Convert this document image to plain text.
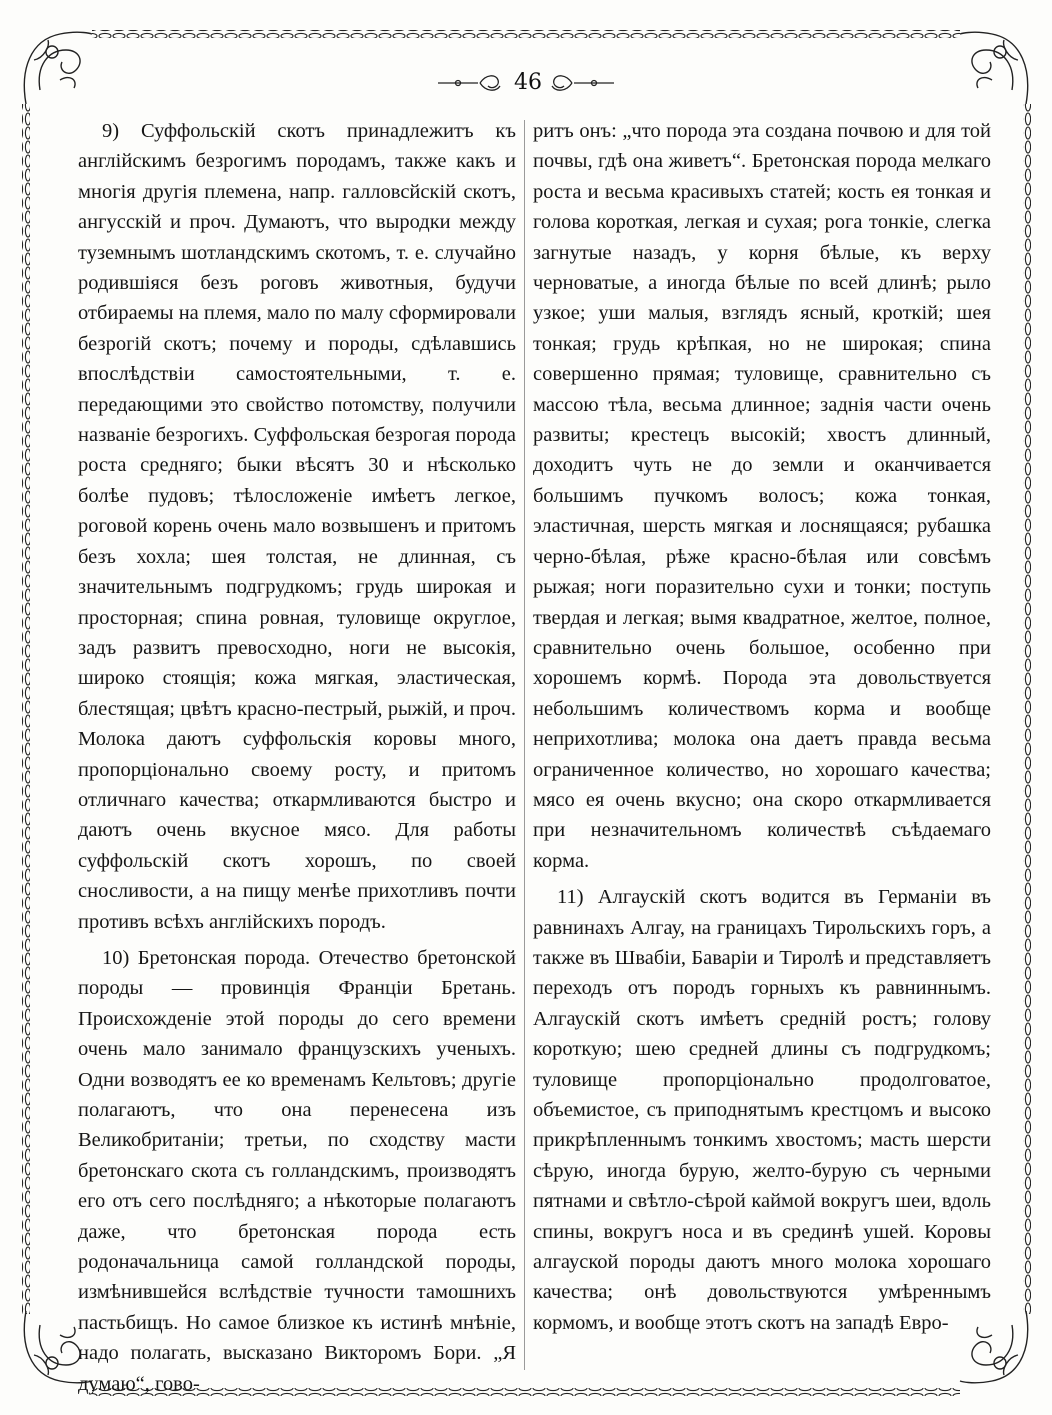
46

9) Суффольскій скотъ принадлежитъ къ англійскимъ безрогимъ породамъ, также какъ и многія другія племена, напр. галловсйскій скотъ, ангусскій и проч. Думаютъ, что выродки между туземнымъ шотландскимъ скотомъ, т. е. случайно родившіяся безъ роговъ животныя, будучи отбираемы на племя, мало по малу сформировали безрогій скотъ; почему и породы, сдѣлавшись впослѣдствіи самостоятельными, т. е. передающими это свойство потомству, получили названіе безрогихъ. Суффольская безрогая порода роста средняго; быки вѣсятъ 30 и нѣсколько болѣе пудовъ; тѣлосложеніе имѣетъ легкое, роговой корень очень мало возвышенъ и притомъ безъ хохла; шея толстая, не длинная, съ значительнымъ подгрудкомъ; грудь широкая и просторная; спина ровная, туловище округлое, задъ развитъ превосходно, ноги не высокія, широко стоящія; кожа мягкая, эластическая, блестящая; цвѣтъ красно-пестрый, рыжій, и проч. Молока даютъ суффольскія коровы много, пропорціонально своему росту, и притомъ отличнаго качества; откармливаются быстро и даютъ очень вкусное мясо. Для работы суффольскій скотъ хорошъ, по своей сносливости, а на пищу менѣе прихотливъ почти противъ всѣхъ англійскихъ породъ.

10) Бретонская порода. Отечество бретонской породы — провинція Франціи Бретань. Происхожденіе этой породы до сего времени очень мало занимало французскихъ ученыхъ. Одни возводятъ ее ко временамъ Кельтовъ; другіе полагаютъ, что она перенесена изъ Великобританіи; третьи, по сходству масти бретонскаго скота съ голландскимъ, производятъ его отъ сего послѣдняго; а нѣкоторые полагаютъ даже, что бретонская порода есть родоначальница самой голландской породы, измѣнившейся вслѣдствіе тучности тамошнихъ пастьбищъ. Но самое близкое къ истинѣ мнѣніе, надо полагать, высказано Викторомъ Бори. „Я думаю“, гово-

ритъ онъ: „что порода эта создана почвою и для той почвы, гдѣ она живетъ“. Бретонская порода мелкаго роста и весьма красивыхъ статей; кость ея тонкая и голова короткая, легкая и сухая; рога тонкіе, слегка загнутые назадъ, у корня бѣлые, къ верху черноватые, а иногда бѣлые по всей длинѣ; рыло узкое; уши малыя, взглядъ ясный, кроткій; шея тонкая; грудь крѣпкая, но не широкая; спина совершенно прямая; туловище, сравнительно съ массою тѣла, весьма длинное; заднія части очень развиты; крестецъ высокій; хвостъ длинный, доходитъ чуть не до земли и оканчивается большимъ пучкомъ волосъ; кожа тонкая, эластичная, шерсть мягкая и лоснящаяся; рубашка черно-бѣлая, рѣже красно-бѣлая или совсѣмъ рыжая; ноги поразительно сухи и тонки; поступь твердая и легкая; вымя квадратное, желтое, полное, сравнительно очень большое, особенно при хорошемъ кормѣ. Порода эта довольствуется небольшимъ количествомъ корма и вообще неприхотлива; молока она даетъ правда весьма ограниченное количество, но хорошаго качества; мясо ея очень вкусно; она скоро откармливается при незначительномъ количествѣ съѣдаемаго корма.

11) Алгаускій скотъ водится въ Германіи въ равнинахъ Алгау, на границахъ Тирольскихъ горъ, а также въ Швабіи, Баваріи и Тиролѣ и представляетъ переходъ отъ породъ горныхъ къ равниннымъ. Алгаускій скотъ имѣетъ средній ростъ; голову короткую; шею средней длины съ подгрудкомъ; туловище пропорціонально продолговатое, объемистое, съ приподнятымъ крестцомъ и высоко прикрѣпленнымъ тонкимъ хвостомъ; масть шерсти сѣрую, иногда бурую, желто-бурую съ черными пятнами и свѣтло-сѣрой каймой вокругъ шеи, вдоль спины, вокругъ носа и въ срединѣ ушей. Коровы алгауской породы даютъ много молока хорошаго качества; онѣ довольствуются умѣреннымъ кормомъ, и вообще этотъ скотъ на западѣ Евро-
